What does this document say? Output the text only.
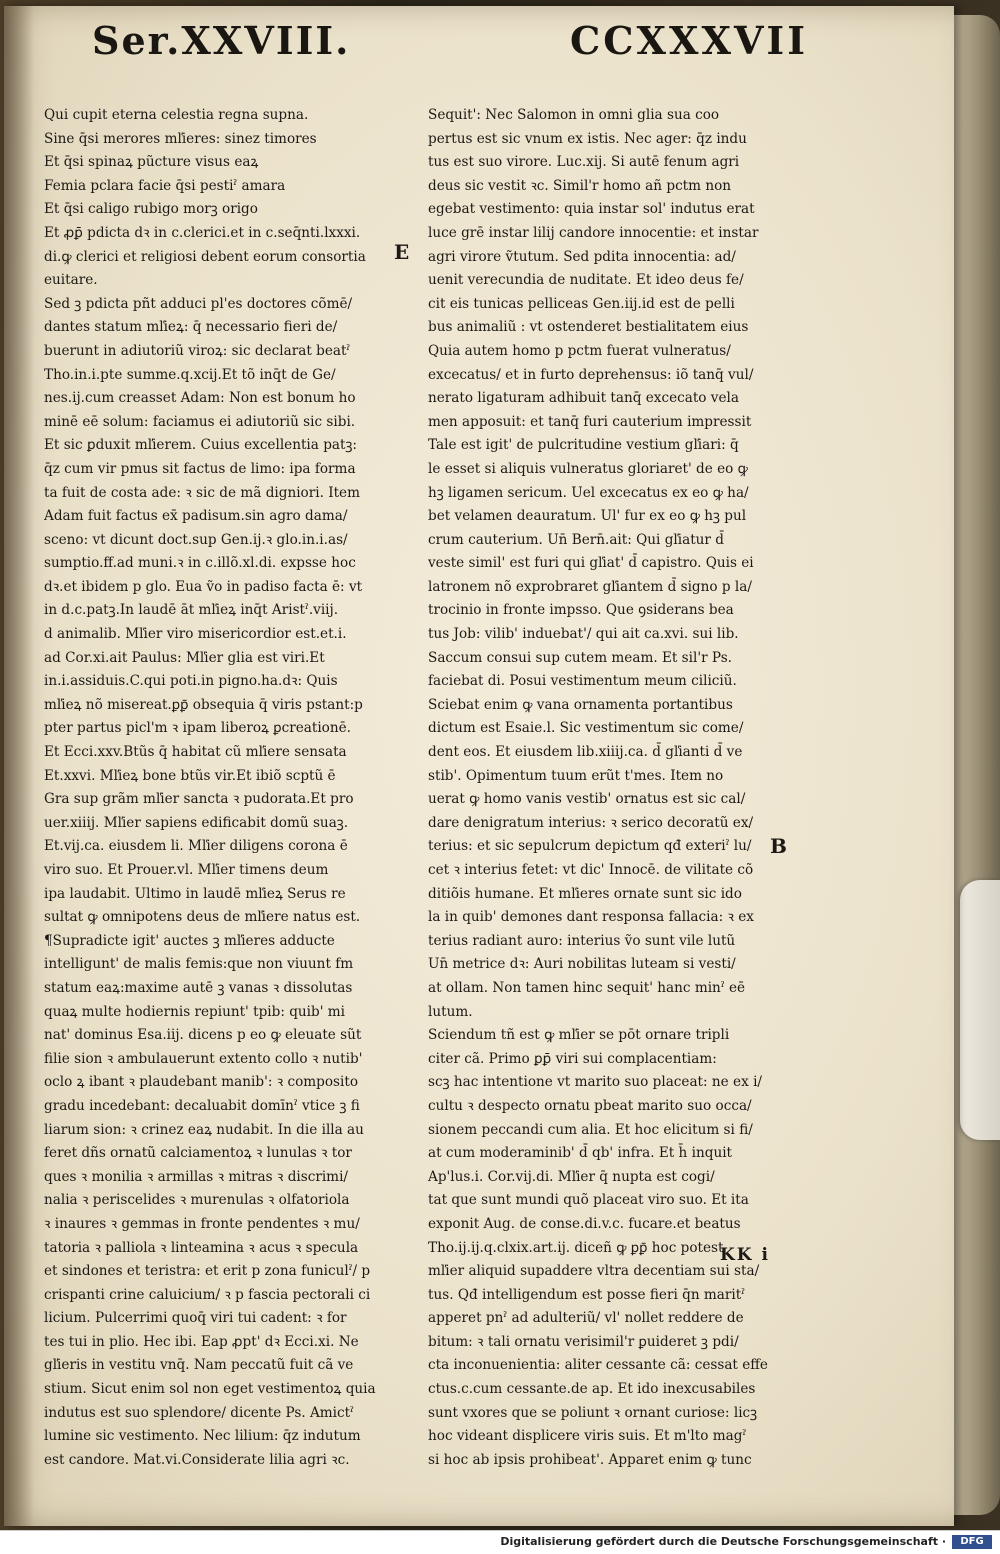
Ser.XXVIII.	CCXXXVII
Qui cupit eterna celestia regna supna.
Sine q̄si merores mľieres: sinez timores
Et q̄si spinaꝝ pũcture visus eaꝝ
Femia pclara facie q̄si pestiˀ amara
Et q̄si caligo rubigo morꝫ origo
Et ꝓꝑ̄ pdicta dꝛ in c.clerici.et in c.seq̄nti.lxxxi.
di.ꝙ clerici et religiosi debent eorum consortia
euitare.
Sed ꝫ pdicta pñt adduci pl'es doctores cõmē/
dantes statum mľieꝝ: q̄ necessario fieri de/
buerunt in adiutoriũ viroꝝ: sic declarat beatˀ
Tho.in.i.pte summe.q.xcij.Et tõ inq̄t de Ge/
nes.ij.cum creasset Adam: Non est bonum ho
minē eē solum: faciamus ei adiutoriũ sic sibi.
Et sic ꝑduxit mľierem. Cuius excellentia patꝫ:
q̄z cum vir pmus sit factus de limo: ipa forma
ta fuit de costa ade: ꝛ sic de mã digniori. Item
Adam fuit factus ex̄ padisum.sin agro dama/
sceno: vt dicunt doct.sup Gen.ij.ꝛ glo.in.i.as/
sumptio.ff.ad muni.ꝛ in c.illõ.xl.di. expsse hoc
dꝛ.et ibidem p glo. Eua ṽo in padiso facta ē: vt
in d.c.patꝫ.In laudē āt mľieꝝ inq̄t Aristˀ.viij.
d animalib. Mľier viro misericordior est.et.i.
ad Cor.xi.ait Paulus: Mľier glia est viri.Et
in.i.assiduis.C.qui poti.in pigno.ha.dꝛ: Quis
mľieꝝ nõ misereat.ꝑꝑ̄ obsequia q̄ viris pstant:p
pter partus picl'm ꝛ ipam liberoꝝ ꝑcreationē.
Et Ecci.xxv.Btũs q̄ habitat cũ mľiere sensata
Et.xxvi. Mľieꝝ bone btũs vir.Et ibiõ scptũ ē
Gra sup grãm mľier sancta ꝛ pudorata.Et pro
uer.xiiij. Mľier sapiens edificabit domũ suaꝫ.
Et.vij.ca. eiusdem li. Mľier diligens corona ē
viro suo. Et Prouer.vl. Mľier timens deum
ipa laudabit. Ultimo in laudē mľieꝝ Serus re
sultat ꝙ omnipotens deus de mľiere natus est.
¶Supradicte igit' auctes ꝫ mľieres adducte
intelligunt' de malis femis:que non viuunt fm
statum eaꝝ:maxime autē ꝫ vanas ꝛ dissolutas
quaꝝ multe hodiernis repiunt' tpib: quib' mi
nat' dominus Esa.iij. dicens p eo ꝙ eleuate sũt
filie sion ꝛ ambulauerunt extento collo ꝛ nutib'
oclo ꝝ ibant ꝛ plaudebant manib': ꝛ composito
gradu incedebant: decaluabit domīnˀ vtice ꝫ fi
liarum sion: ꝛ crinez eaꝝ nudabit. In die illa au
feret dñs ornatũ calciamentoꝝ ꝛ lunulas ꝛ tor
ques ꝛ monilia ꝛ armillas ꝛ mitras ꝛ discrimi/
nalia ꝛ periscelides ꝛ murenulas ꝛ olfatoriola
ꝛ inaures ꝛ gemmas in fronte pendentes ꝛ mu/
tatoria ꝛ palliola ꝛ linteamina ꝛ acus ꝛ specula
et sindones et teristra: et erit p zona funiculˀ/ p
crispanti crine caluicium/ ꝛ p fascia pectorali ci
licium. Pulcerrimi quoq̄ viri tui cadent: ꝛ for
tes tui in plio. Hec ibi. Eap ꝓpt' dꝛ Ecci.xi. Ne
gľieris in vestitu vnq̄. Nam peccatũ fuit cã ve
stium. Sicut enim sol non eget vestimentoꝝ quia
indutus est suo splendore/ dicente Ps. Amictˀ
lumine sic vestimento. Nec lilium: q̄z indutum
est candore. Mat.vi.Considerate lilia agri ꝛc.
Sequit': Nec Salomon in omni glia sua coo
pertus est sic vnum ex istis. Nec ager: q̄z indu
tus est suo virore. Luc.xij. Si autē fenum agri
deus sic vestit ꝛc. Simil'r homo añ pctm non
egebat vestimento: quia instar sol' indutus erat
luce grē instar lilij candore innocentie: et instar
agri virore ṽtutum. Sed pdita innocentia: ad/
uenit verecundia de nuditate. Et ideo deus fe/
cit eis tunicas pelliceas Gen.iij.id est de pelli
bus animaliũ : vt ostenderet bestialitatem eius
Quia autem homo p pctm fuerat vulneratus/
excecatus/ et in furto deprehensus: iõ tanq̄ vul/
nerato ligaturam adhibuit tanq̄ excecato vela
men apposuit: et tanq̄ furi cauterium impressit
Tale est igit' de pulcritudine vestium gľiari: q̄
le esset si aliquis vulneratus gloriaret' de eo ꝙ
hꝫ ligamen sericum. Uel excecatus ex eo ꝙ ha/
bet velamen deauratum. Ul' fur ex eo ꝙ hꝫ pul
crum cauterium. Un̄ Bern̄.ait: Qui gľiatur d̄
veste simil' est furi qui gľiat' d̄ capistro. Quis ei
latronem nõ exprobraret gľiantem d̄ signo p la/
trocinio in fronte impsso. Que ꝯsiderans bea
tus Job: vilib' induebat'/ qui ait ca.xvi. sui lib.
Saccum consui sup cutem meam. Et sil'r Ps.
faciebat di. Posui vestimentum meum ciliciũ.
Sciebat enim ꝙ vana ornamenta portantibus
dictum est Esaie.l. Sic vestimentum sic come/
dent eos. Et eiusdem lib.xiiij.ca. d̄ gľianti d̄ ve
stib'. Opimentum tuum erũt t'mes. Item no
uerat ꝙ homo vanis vestib' ornatus est sic cal/
dare denigratum interius: ꝛ serico decoratũ ex/
terius: et sic sepulcrum depictum qđ exteriˀ lu/
cet ꝛ interius fetet: vt dic' Innocē. de vilitate cõ
ditiõis humane. Et mľieres ornate sunt sic ido
la in quib' demones dant responsa fallacia: ꝛ ex
terius radiant auro: interius ṽo sunt vile lutũ
Un̄ metrice dꝛ: Auri nobilitas luteam si vesti/
at ollam. Non tamen hinc sequit' hanc minˀ eē
lutum.
Sciendum tñ est ꝙ mľier se pōt ornare tripli
citer cã. Primo ꝑꝑ̄ viri sui complacentiam:
scꝫ hac intentione vt marito suo placeat: ne ex i/
cultu ꝛ despecto ornatu pbeat marito suo occa/
sionem peccandi cum alia. Et hoc elicitum si fi/
at cum moderaminib' d̄ qb' infra. Et h̄ inquit
Ap'lus.i. Cor.vij.di. Mľier q̄ nupta est cogi/
tat que sunt mundi quõ placeat viro suo. Et ita
exponit Aug. de conse.di.v.c. fucare.et beatus
Tho.ij.ij.q.clxix.art.ij. diceñ ꝙ ꝑꝑ̄ hoc potest
mľier aliquid supaddere vltra decentiam sui sta/
tus. Qđ intelligendum est posse fieri q̄n maritˀ
apperet pnˀ ad adulteriũ/ vl' nollet reddere de
bitum: ꝛ tali ornatu verisimil'r ꝑuideret ꝫ pdi/
cta inconuenientia: aliter cessante cã: cessat effe
ctus.c.cum cessante.de ap. Et ido inexcusabiles
sunt vxores que se poliunt ꝛ ornant curiose: licꝫ
hoc videant displicere viris suis. Et m'lto magˀ
si hoc ab ipsis prohibeat'. Apparet enim ꝙ tunc
E
B
KK i
Digitalisierung gefördert durch die Deutsche Forschungsgemeinschaft ·	DFG
